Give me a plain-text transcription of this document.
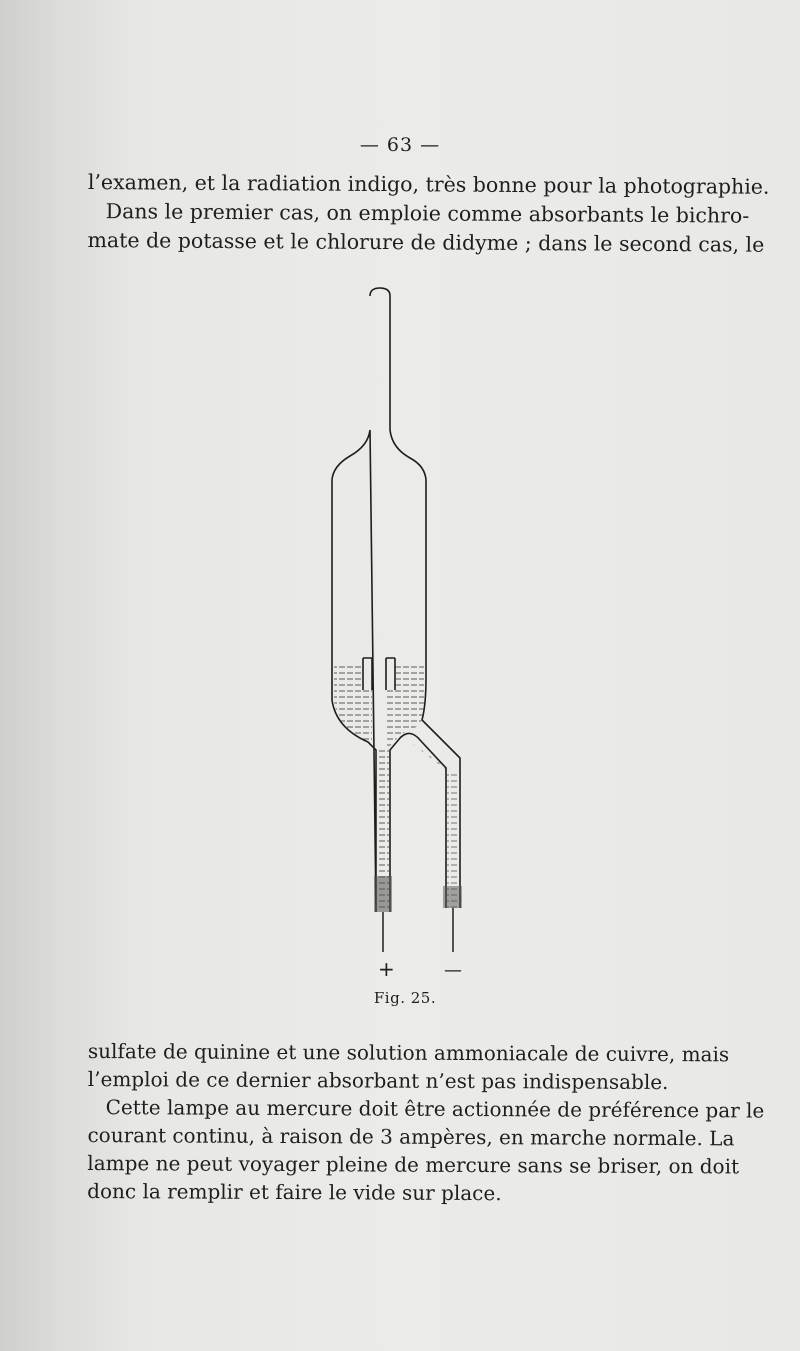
— 63 —

l’examen, et la radiation indigo, très bonne pour la photographie.
Dans le premier cas, on emploie comme absorbants le bichro-
mate de potasse et le chlorure de didyme ; dans le second cas, le

+	—
Fig. 25.

sulfate de quinine et une solution ammoniacale de cuivre, mais
l’emploi de ce dernier absorbant n’est pas indispensable.
Cette lampe au mercure doit être actionnée de préférence par le
courant continu, à raison de 3 ampères, en marche normale. La
lampe ne peut voyager pleine de mercure sans se briser, on doit
donc la remplir et faire le vide sur place.
